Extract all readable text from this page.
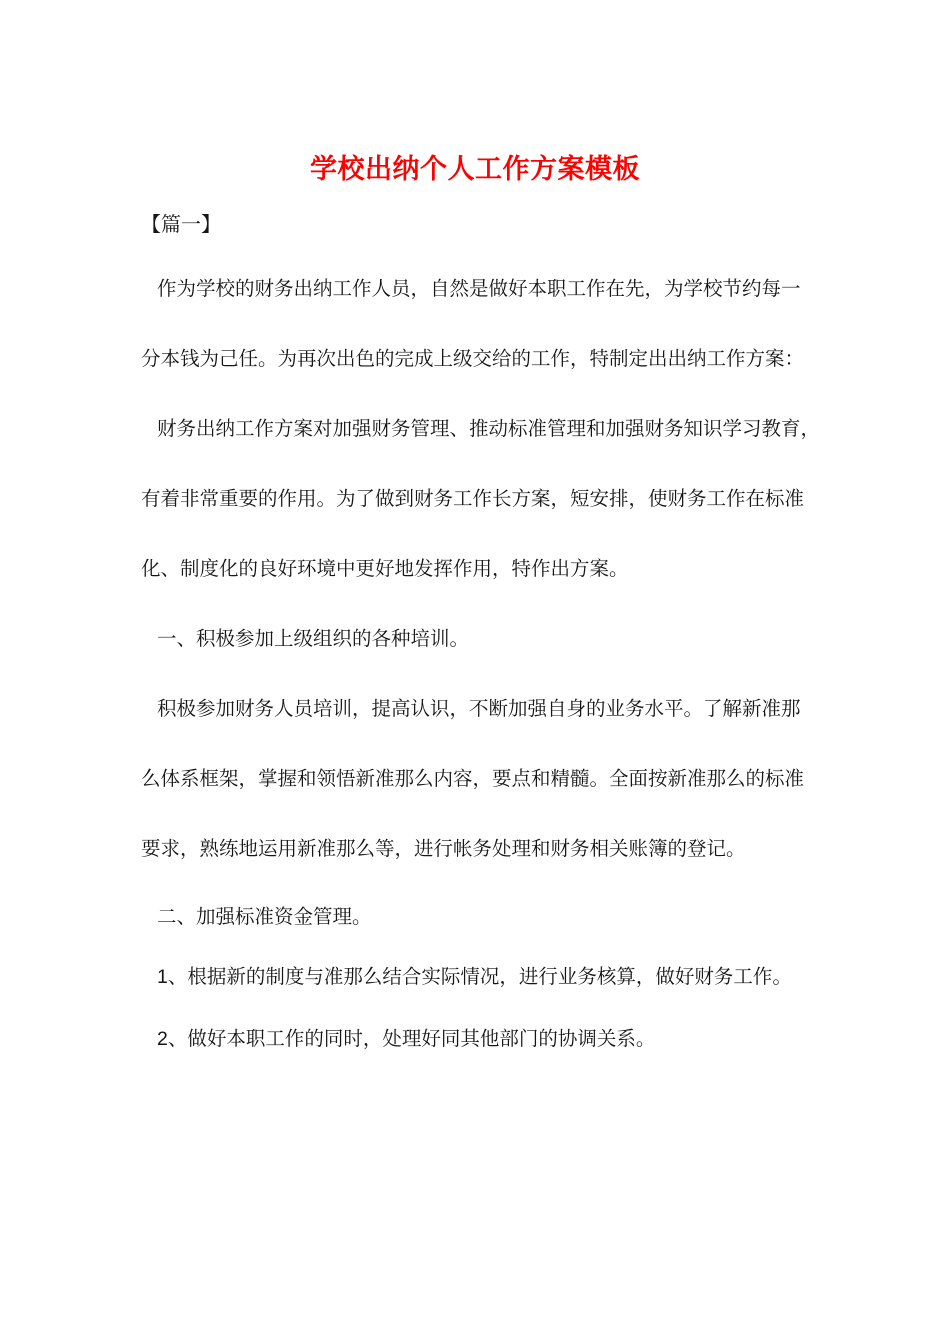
学校出纳个人工作方案模板
【篇一】
作为学校的财务出纳工作人员，自然是做好本职工作在先，为学校节约每一
分本钱为己任。为再次出色的完成上级交给的工作，特制定出出纳工作方案：
财务出纳工作方案对加强财务管理、推动标准管理和加强财务知识学习教育，
有着非常重要的作用。为了做到财务工作长方案，短安排，使财务工作在标准
化、制度化的良好环境中更好地发挥作用，特作出方案。
一、积极参加上级组织的各种培训。
积极参加财务人员培训，提高认识，不断加强自身的业务水平。了解新准那
么体系框架，掌握和领悟新准那么内容，要点和精髓。全面按新准那么的标准
要求，熟练地运用新准那么等，进行帐务处理和财务相关账簿的登记。
二、加强标准资金管理。
1、根据新的制度与准那么结合实际情况，进行业务核算，做好财务工作。
2、做好本职工作的同时，处理好同其他部门的协调关系。
